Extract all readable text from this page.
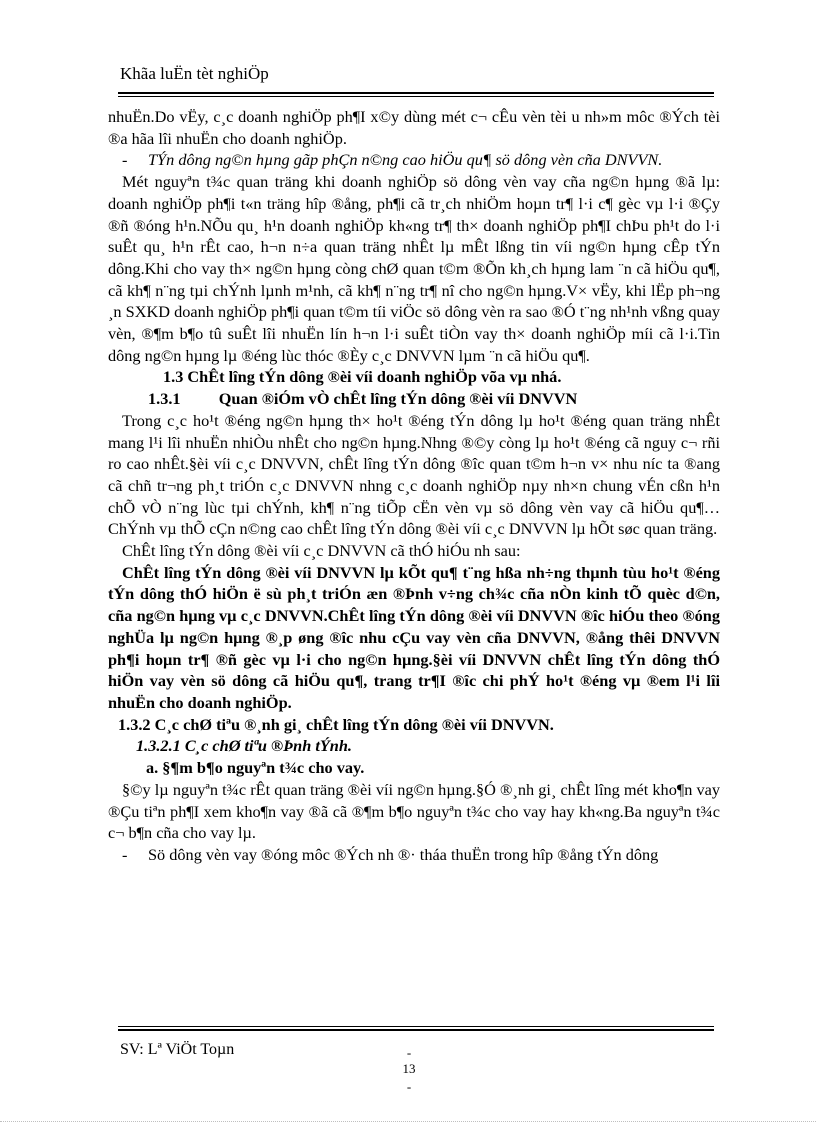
Khãa luËn tèt nghiÖp

nhuËn.Do vËy, c¸c doanh nghiÖp ph¶I x©y dùng mét c¬ cÊu vèn tèi u nh»m môc ®Ých tèi ®a hãa lîi nhuËn cho doanh nghiÖp.

- TÝn dông ng©n hµng gãp phÇn n©ng cao hiÖu qu¶ sö dông vèn cña DNVVN.

Mét nguyªn t¾c quan träng khi doanh nghiÖp sö dông vèn vay cña ng©n hµng ®ã lµ: doanh nghiÖp ph¶i t«n träng hîp ®ång, ph¶i cã tr¸ch nhiÖm hoµn tr¶ l·i c¶ gèc vµ l·i ®Çy ®ñ ®óng h¹n.NÕu qu¸ h¹n doanh nghiÖp kh«ng tr¶ th× doanh nghiÖp ph¶I chÞu ph¹t do l·i suÊt qu¸ h¹n rÊt cao, h¬n n÷a quan träng nhÊt lµ mÊt lßng tin víi ng©n hµng cÊp tÝn dông.Khi cho vay th× ng©n hµng còng chØ quan t©m ®Õn kh¸ch hµng lam ¨n cã hiÖu qu¶, cã kh¶ n¨ng tµi chÝnh lµnh m¹nh, cã kh¶ n¨ng tr¶ nî cho ng©n hµng.V× vËy, khi lËp ph¬ng ¸n SXKD doanh nghiÖp ph¶i quan t©m tíi viÖc sö dông vèn ra sao ®Ó t¨ng nh¹nh vßng quay vèn, ®¶m b¶o tû suÊt lîi nhuËn lín h¬n l·i suÊt tiÒn vay th× doanh nghiÖp míi cã l·i.Tin dông ng©n hµng lµ ®éng lùc thóc ®Èy c¸c DNVVN lµm ¨n cã hiÖu qu¶.

1.3 ChÊt lîng tÝn dông ®èi víi doanh nghiÖp võa vµ nhá.

1.3.1 Quan ®iÓm vÒ chÊt lîng tÝn dông ®èi víi DNVVN

Trong c¸c ho¹t ®éng ng©n hµng th× ho¹t ®éng tÝn dông lµ ho¹t ®éng quan träng nhÊt mang l¹i lîi nhuËn nhiÒu nhÊt cho ng©n hµng.Nhng ®©y còng lµ ho¹t ®éng cã nguy c¬ rñi ro cao nhÊt.§èi víi c¸c DNVVN, chÊt lîng tÝn dông ®îc quan t©m h¬n v× nhu níc ta ®ang cã chñ tr¬ng ph¸t triÓn c¸c DNVVN nhng c¸c doanh nghiÖp nµy nh×n chung vÉn cßn h¹n chÕ vÒ n¨ng lùc tµi chÝnh, kh¶ n¨ng tiÕp cËn vèn vµ sö dông vèn vay cã hiÖu qu¶…ChÝnh vµ thÕ cÇn n©ng cao chÊt lîng tÝn dông ®èi víi c¸c DNVVN lµ hÕt søc quan träng.

ChÊt lîng tÝn dông ®èi víi c¸c DNVVN cã thÓ hiÓu nh sau:

ChÊt lîng tÝn dông ®èi víi DNVVN lµ kÕt qu¶ t¨ng hßa nh÷ng thµnh tùu ho¹t ®éng tÝn dông thÓ hiÖn ë sù ph¸t triÓn æn ®Þnh v÷ng ch¾c cña nÒn kinh tÕ quèc d©n, cña ng©n hµng vµ c¸c DNVVN.ChÊt lîng tÝn dông ®èi víi DNVVN ®îc hiÓu theo ®óng nghÜa lµ ng©n hµng ®¸p øng ®îc nhu cÇu vay vèn cña DNVVN, ®ång thêi DNVVN ph¶i hoµn tr¶ ®ñ gèc vµ l·i cho ng©n hµng.§èi víi DNVVN chÊt lîng tÝn dông thÓ hiÖn vay vèn sö dông cã hiÖu qu¶, trang tr¶I ®îc chi phÝ ho¹t ®éng vµ ®em l¹i lîi nhuËn cho doanh nghiÖp.

1.3.2 C¸c chØ tiªu ®¸nh gi¸ chÊt lîng tÝn dông ®èi víi DNVVN.

1.3.2.1 C¸c chØ tiªu ®Þnh tÝnh.

a. §¶m b¶o nguyªn t¾c cho vay.

§©y lµ nguyªn t¾c rÊt quan träng ®èi víi ng©n hµng.§Ó ®¸nh gi¸ chÊt lîng mét kho¶n vay ®Çu tiªn ph¶I xem kho¶n vay ®ã cã ®¶m b¶o nguyªn t¾c cho vay hay kh«ng.Ba nguyªn t¾c c¬ b¶n cña cho vay lµ.

- Sö dông vèn vay ®óng môc ®Ých nh ®· tháa thuËn trong hîp ®ång tÝn dông

SV: Lª ViÖt Toµn	-
13
-
